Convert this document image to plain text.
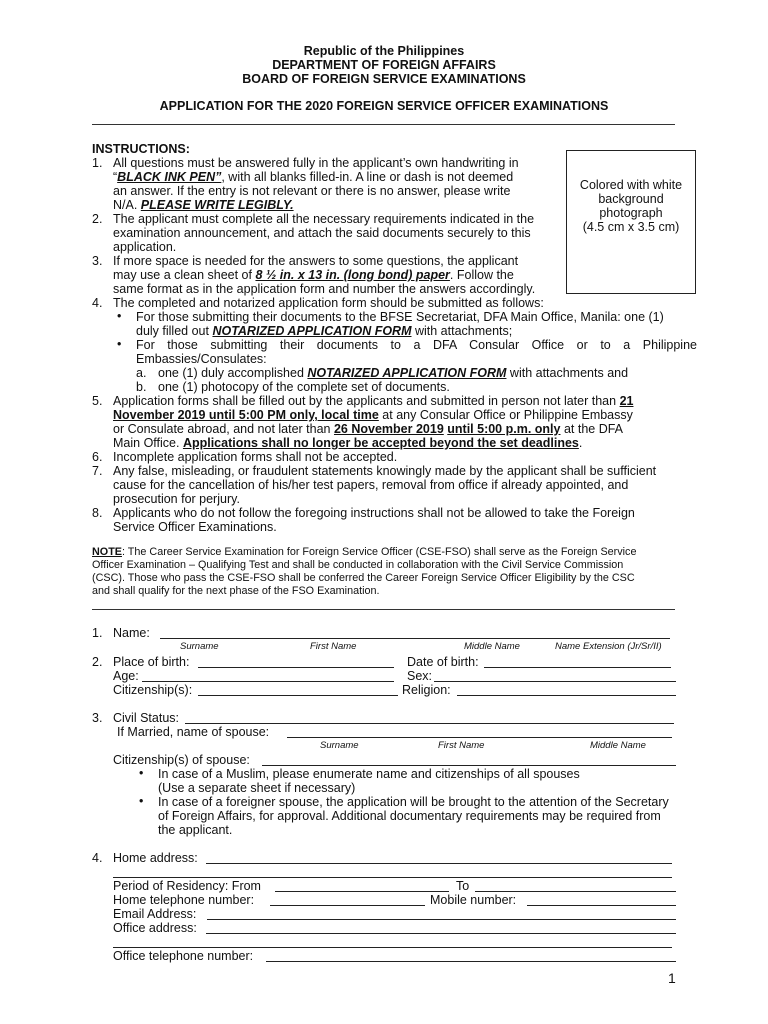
Republic of the Philippines
DEPARTMENT OF FOREIGN AFFAIRS
BOARD OF FOREIGN SERVICE EXAMINATIONS
APPLICATION FOR THE 2020 FOREIGN SERVICE OFFICER EXAMINATIONS
Colored with white
background
photograph
(4.5 cm x 3.5 cm)
INSTRUCTIONS:
1. All questions must be answered fully in the applicant’s own handwriting in
“BLACK INK PEN”, with all blanks filled-in. A line or dash is not deemed
an answer. If the entry is not relevant or there is no answer, please write
N/A. PLEASE WRITE LEGIBLY.
2. The applicant must complete all the necessary requirements indicated in the
examination announcement, and attach the said documents securely to this
application.
3. If more space is needed for the answers to some questions, the applicant
may use a clean sheet of 8 ½ in. x 13 in. (long bond) paper. Follow the
same format as in the application form and number the answers accordingly.
4. The completed and notarized application form should be submitted as follows:
• For those submitting their documents to the BFSE Secretariat, DFA Main Office, Manila: one (1)
duly filled out NOTARIZED APPLICATION FORM with attachments;
• For those submitting their documents to a DFA Consular Office or to a Philippine
Embassies/Consulates:
a. one (1) duly accomplished NOTARIZED APPLICATION FORM with attachments and
b. one (1) photocopy of the complete set of documents.
5. Application forms shall be filled out by the applicants and submitted in person not later than 21
November 2019 until 5:00 PM only, local time at any Consular Office or Philippine Embassy
or Consulate abroad, and not later than 26 November 2019 until 5:00 p.m. only at the DFA
Main Office. Applications shall no longer be accepted beyond the set deadlines.
6. Incomplete application forms shall not be accepted.
7. Any false, misleading, or fraudulent statements knowingly made by the applicant shall be sufficient
cause for the cancellation of his/her test papers, removal from office if already appointed, and
prosecution for perjury.
8. Applicants who do not follow the foregoing instructions shall not be allowed to take the Foreign
Service Officer Examinations.
NOTE: The Career Service Examination for Foreign Service Officer (CSE-FSO) shall serve as the Foreign Service
Officer Examination – Qualifying Test and shall be conducted in collaboration with the Civil Service Commission
(CSC). Those who pass the CSE-FSO shall be conferred the Career Foreign Service Officer Eligibility by the CSC
and shall qualify for the next phase of the FSO Examination.
1. Name:
Surname	First Name	Middle Name	Name Extension (Jr/Sr/II)
2. Place of birth:	Date of birth:
Age:	Sex:
Citizenship(s):	Religion:
3. Civil Status:
If Married, name of spouse:
Surname	First Name	Middle Name
Citizenship(s) of spouse:
• In case of a Muslim, please enumerate name and citizenships of all spouses
(Use a separate sheet if necessary)
• In case of a foreigner spouse, the application will be brought to the attention of the Secretary
of Foreign Affairs, for approval. Additional documentary requirements may be required from
the applicant.
4. Home address:
Period of Residency: From	To
Home telephone number:	Mobile number:
Email Address:
Office address:
Office telephone number:
1
